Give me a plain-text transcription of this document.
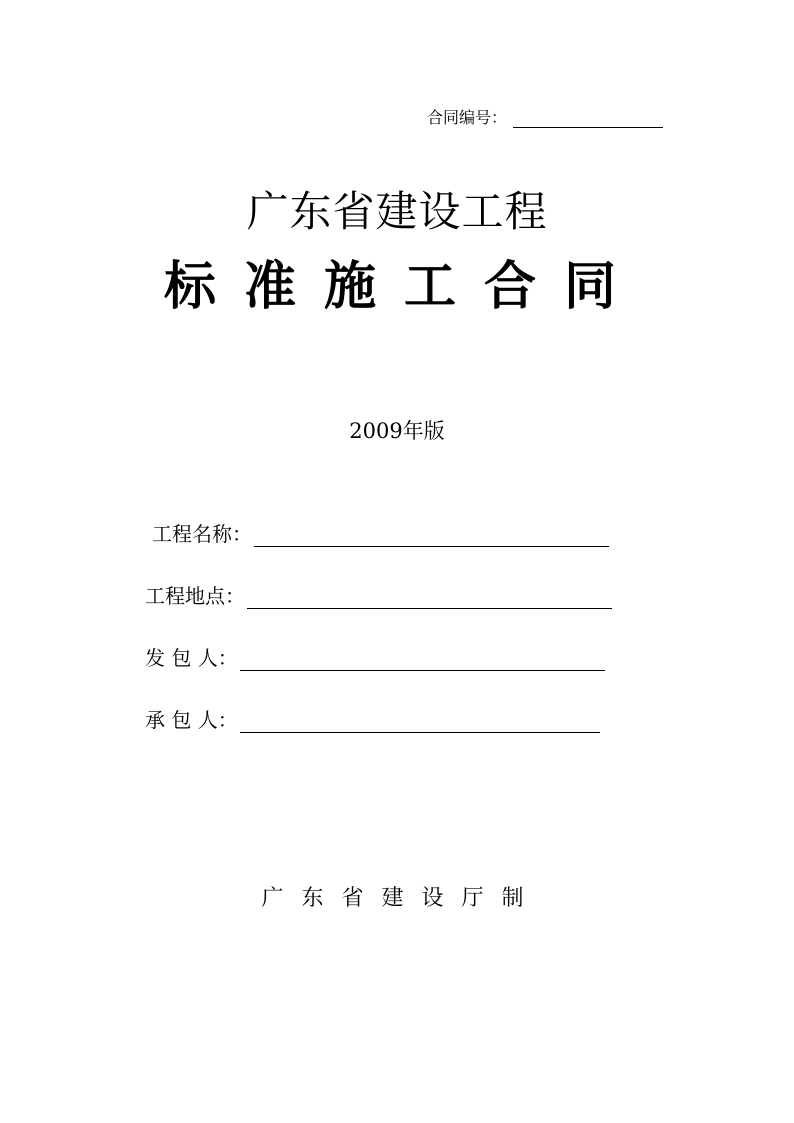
合同编号：
广东省建设工程
标准施工合同
2009年版
工程名称：
工程地点：
发 包 人：
承 包 人：
广东省建设厅制
